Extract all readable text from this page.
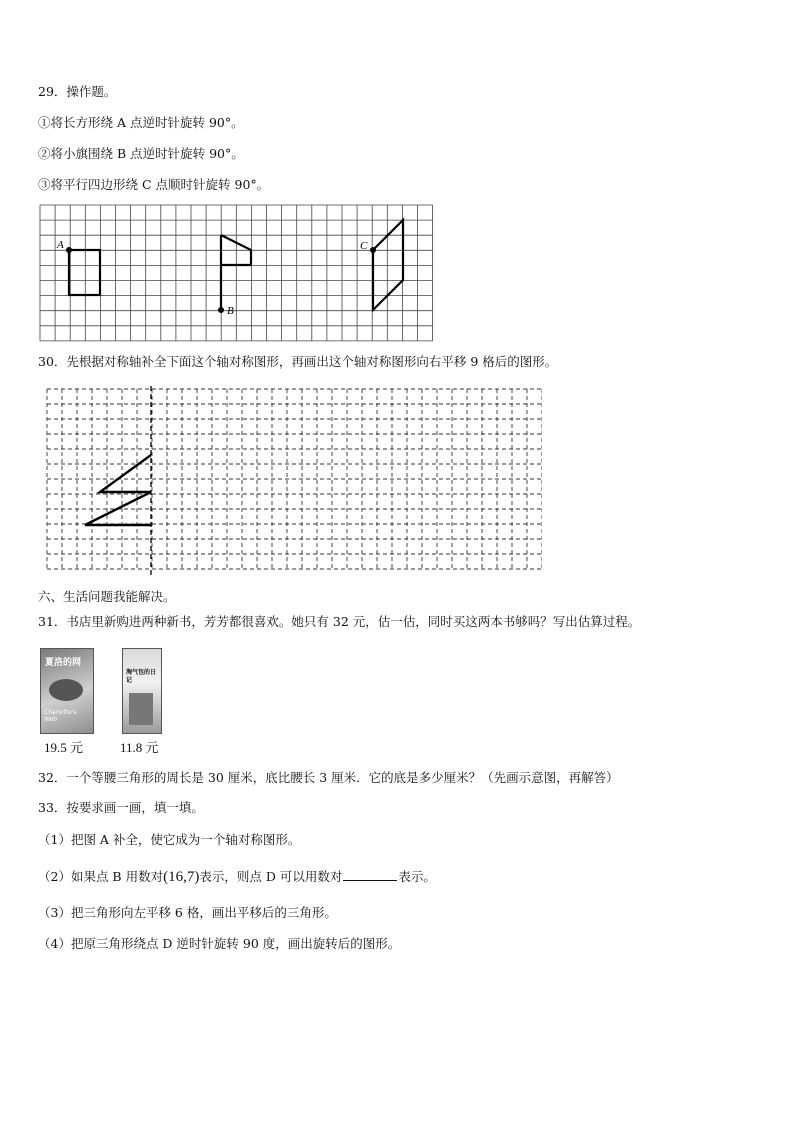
29．操作题。
①将长方形绕 A 点逆时针旋转 90°。
②将小旗围绕 B 点逆时针旋转 90°。
③将平行四边形绕 C 点顺时针旋转 90°。
A
B
C
30．先根据对称轴补全下面这个轴对称图形，再画出这个轴对称图形向右平移 9 格后的图形。
六、生活问题我能解决。
31．书店里新购进两种新书，芳芳都很喜欢。她只有 32 元，估一估，同时买这两本书够吗？写出估算过程。
夏洛的网
Charlotte's Web
淘气包的日记
19.5 元	11.8 元
32．一个等腰三角形的周长是 30 厘米，底比腰长 3 厘米．它的底是多少厘米？（先画示意图，再解答）
33．按要求画一画，填一填。
（1）把图 A 补全，使它成为一个轴对称图形。
（2）如果点 B 用数对(16,7)表示，则点 D 可以用数对	表示。
（3）把三角形向左平移 6 格，画出平移后的三角形。
（4）把原三角形绕点 D 逆时针旋转 90 度，画出旋转后的图形。
